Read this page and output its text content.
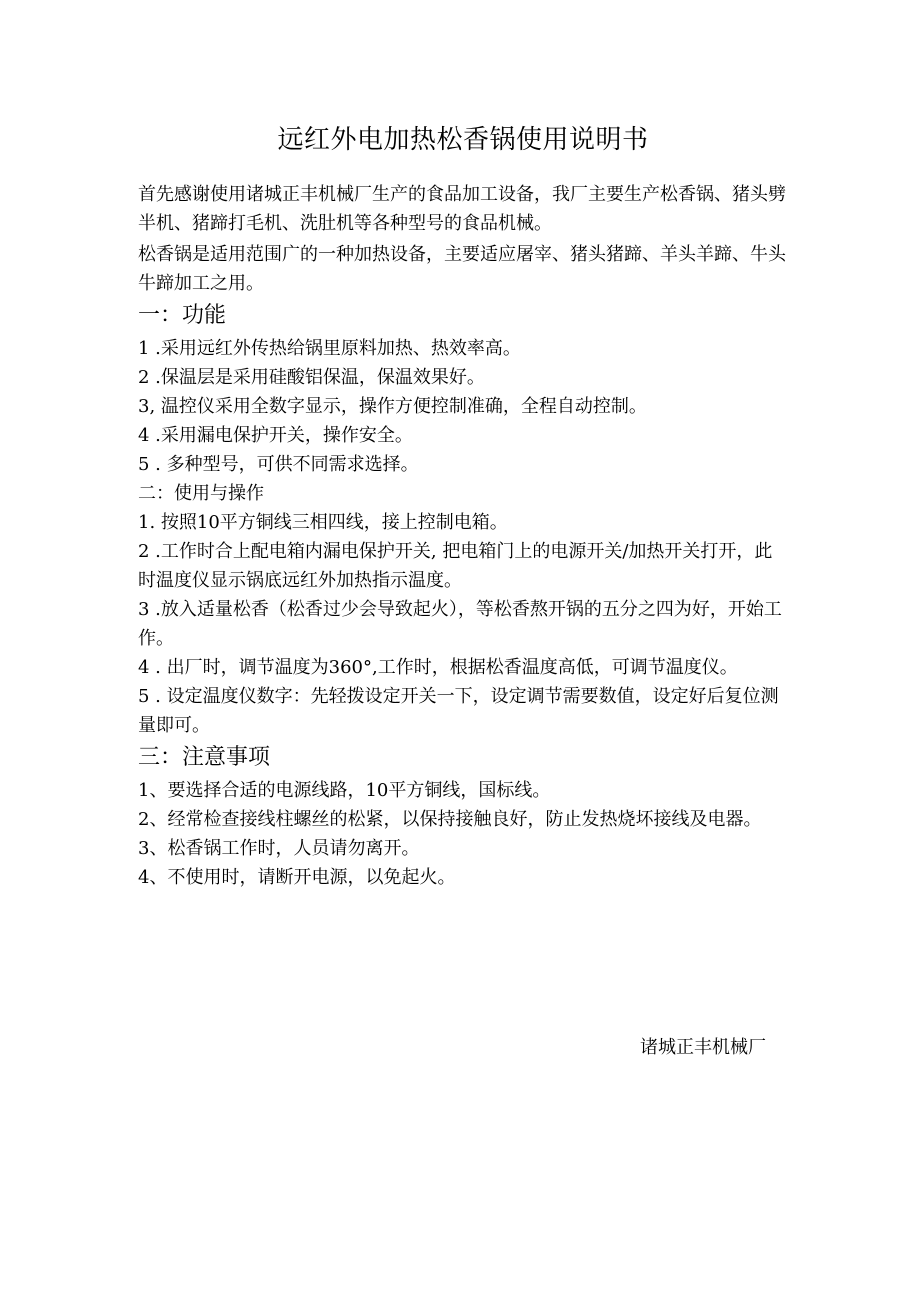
远红外电加热松香锅使用说明书
首先感谢使用诸城正丰机械厂生产的食品加工设备，我厂主要生产松香锅、猪头劈半机、猪蹄打毛机、洗肚机等各种型号的食品机械。
松香锅是适用范围广的一种加热设备，主要适应屠宰、猪头猪蹄、羊头羊蹄、牛头牛蹄加工之用。
一：功能
1 .采用远红外传热给锅里原料加热、热效率高。
2 .保温层是采用硅酸铝保温，保温效果好。
3, 温控仪采用全数字显示，操作方便控制准确，全程自动控制。
4 .采用漏电保护开关，操作安全。
5 . 多种型号，可供不同需求选择。
二：使用与操作
1. 按照10平方铜线三相四线，接上控制电箱。
2 .工作时合上配电箱内漏电保护开关, 把电箱门上的电源开关/加热开关打开，此时温度仪显示锅底远红外加热指示温度。
3 .放入适量松香（松香过少会导致起火），等松香熬开锅的五分之四为好，开始工作。
4 . 出厂时，调节温度为360°,工作时，根据松香温度高低，可调节温度仪。
5 . 设定温度仪数字：先轻拨设定开关一下，设定调节需要数值，设定好后复位测量即可。
三：注意事项
1、要选择合适的电源线路，10平方铜线，国标线。
2、经常检查接线柱螺丝的松紧，以保持接触良好，防止发热烧坏接线及电器。
3、松香锅工作时，人员请勿离开。
4、不使用时，请断开电源，以免起火。
诸城正丰机械厂
